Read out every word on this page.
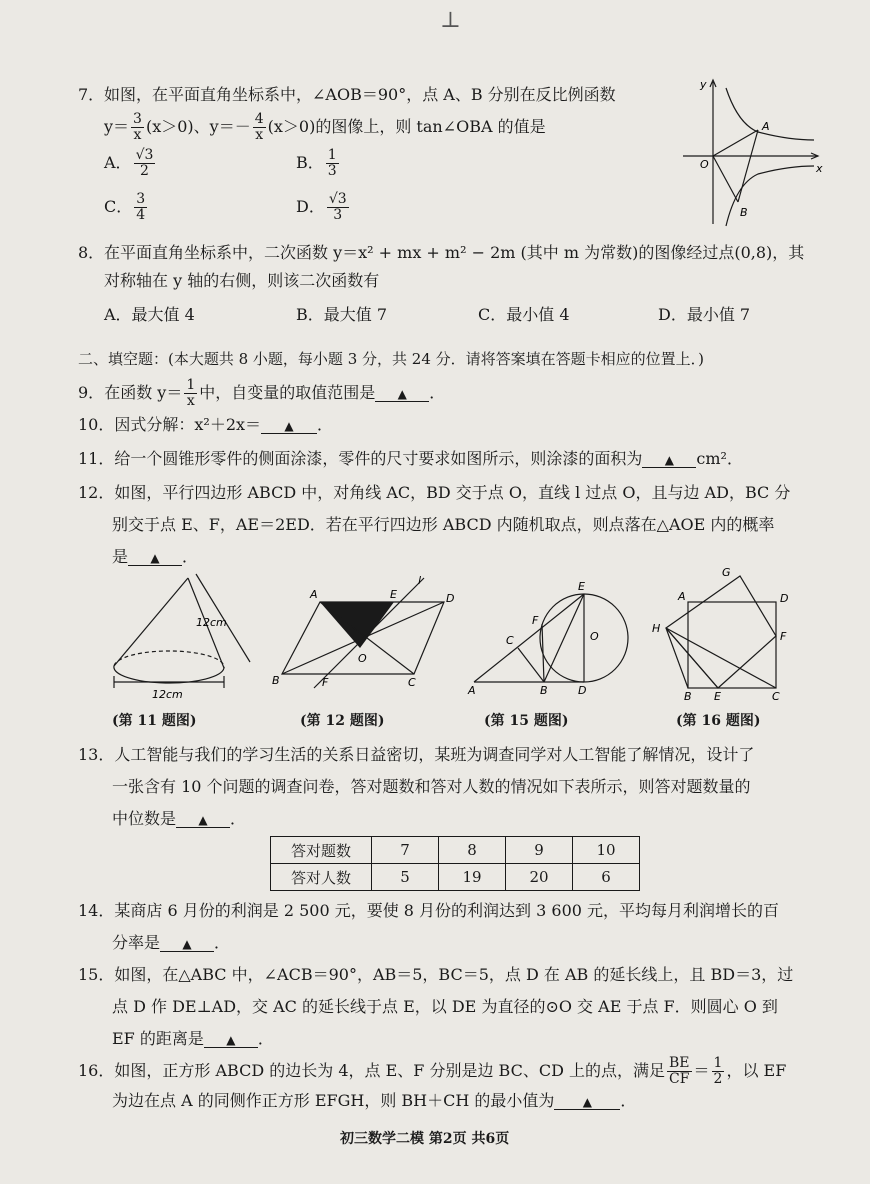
⊥
7．如图，在平面直角坐标系中，∠AOB＝90°，点 A、B 分别在反比例函数
$y= \frac{3}{x} (x>0)$、$y=- \frac{4}{x} (x>0)$的图像上，则 tan∠OBA 的值是
A． $\frac{√3}{2}$	B． $\frac{1}{3}$
C． $\frac{3}{4}$	D． $\frac{√3}{3}$
y
x
O
A
B
8．在平面直角坐标系中，二次函数 y＝x² + mx + m² − 2m (其中 m 为常数)的图像经过点(0,8)，其
对称轴在 y 轴的右侧，则该二次函数有
A．最大值 4	B．最大值 7	C．最小值 4	D．最小值 7
二、填空题：(本大题共 8 小题，每小题 3 分，共 24 分．请将答案填在答题卡相应的位置上．)
9．在函数 $y= \frac{1}{x}$ 中，自变量的取值范围是 ▲ ．
10．因式分解：x²＋2x＝ ▲ ．
11．给一个圆锥形零件的侧面涂漆，零件的尺寸要求如图所示，则涂漆的面积为 ▲ cm²．
12．如图，平行四边形 ABCD 中，对角线 AC，BD 交于点 O，直线 l 过点 O，且与边 AD，BC 分
别交于点 E、F，AE＝2ED．若在平行四边形 ABCD 内随机取点，则点落在△AOE 内的概率
是 ▲ ．
12cm
12cm
(第 11 题图)
A	E
l
D
O
B	F	C
(第 12 题图)
E
F
C	O
A	B	D
(第 15 题图)
G
A	D
H
F
B E	C
(第 16 题图)
13．人工智能与我们的学习生活的关系日益密切，某班为调查同学对人工智能了解情况，设计了
一张含有 10 个问题的调查问卷，答对题数和答对人数的情况如下表所示，则答对题数量的
中位数是 ▲ ．
答对题数	7	8	9	10
答对人数	5	19	20	6
14．某商店 6 月份的利润是 2 500 元，要使 8 月份的利润达到 3 600 元，平均每月利润增长的百
分率是 ▲ ．
15．如图，在△ABC 中，∠ACB＝90°，AB＝5，BC＝5，点 D 在 AB 的延长线上，且 BD＝3，过
点 D 作 DE⊥AD，交 AC 的延长线于点 E，以 DE 为直径的⊙O 交 AE 于点 F．则圆心 O 到
EF 的距离是 ▲ ．
16．如图，正方形 ABCD 的边长为 4，点 E、F 分别是边 BC、CD 上的点，满足 $\frac{BE}{CF} = \frac{1}{2}$ ，以 EF
为边在点 A 的同侧作正方形 EFGH，则 BH＋CH 的最小值为 ▲ ．
初三数学二模 第2页 共6页
